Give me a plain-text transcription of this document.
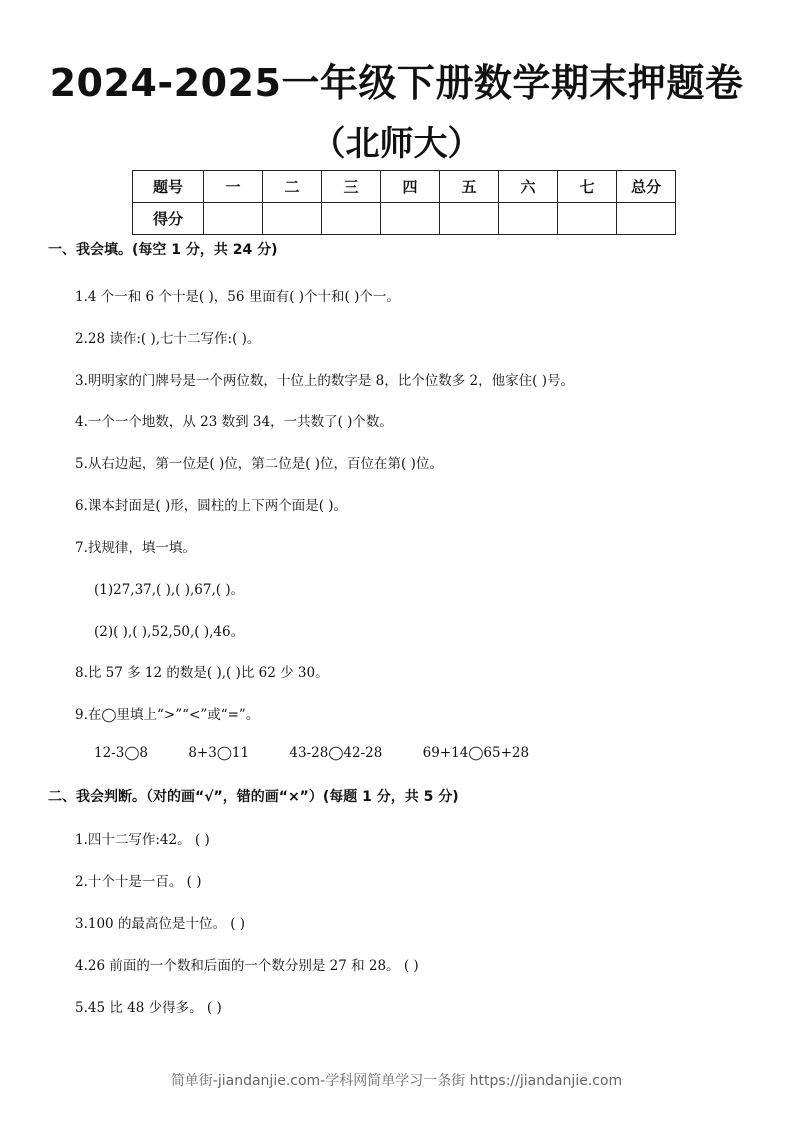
2024-2025一年级下册数学期末押题卷
（北师大）
题号	一	二	三	四	五	六	七	总分
得分								
一、我会填。(每空 1 分，共 24 分)
1.4 个一和 6 个十是( )，56 里面有( )个十和( )个一。
2.28 读作:( ),七十二写作:( )。
3.明明家的门牌号是一个两位数，十位上的数字是 8，比个位数多 2，他家住( )号。
4.一个一个地数，从 23 数到 34，一共数了( )个数。
5.从右边起，第一位是( )位，第二位是( )位，百位在第( )位。
6.课本封面是( )形，圆柱的上下两个面是( )。
7.找规律，填一填。
(1)27,37,( ),( ),67,( )。
(2)( ),( ),52,50,( ),46。
8.比 57 多 12 的数是( ),( )比 62 少 30。
9.在◯里填上“>”“<”或“=”。
12-3◯8	8+3◯11	43-28◯42-28	69+14◯65+28
二、我会判断。（对的画“√”，错的画“×”）(每题 1 分，共 5 分)
1.四十二写作:42。 ( )
2.十个十是一百。 ( )
3.100 的最高位是十位。 ( )
4.26 前面的一个数和后面的一个数分别是 27 和 28。 ( )
5.45 比 48 少得多。 ( )
简单街-jiandanjie.com-学科网简单学习一条街 https://jiandanjie.com
